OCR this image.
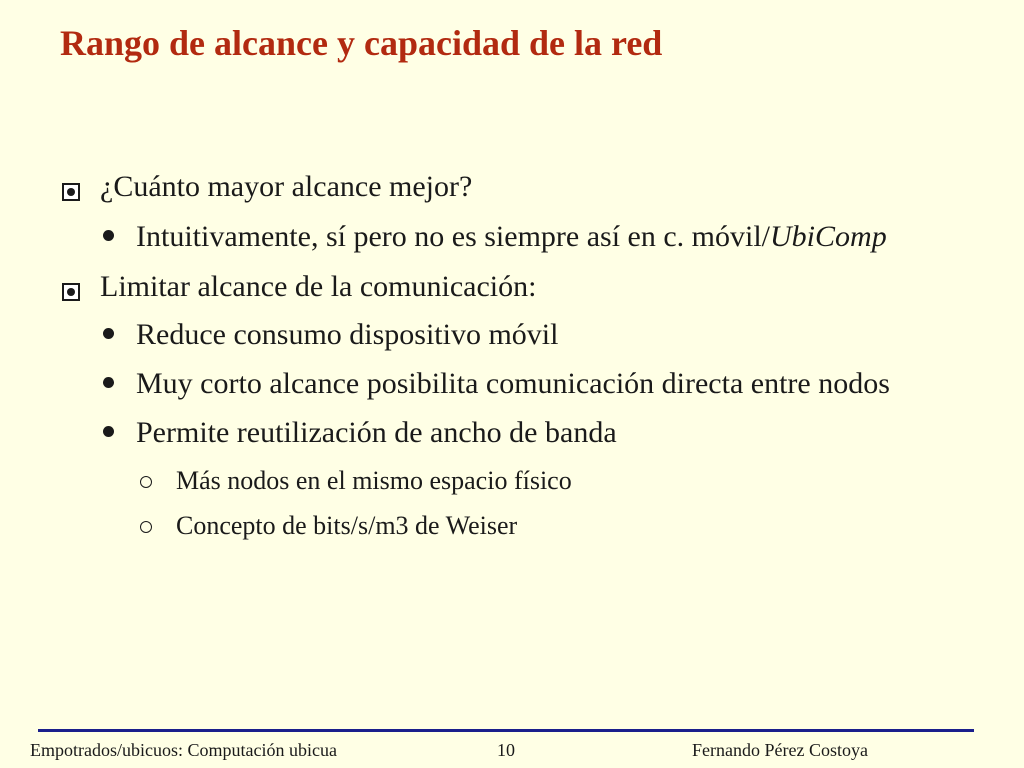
Rango de alcance y capacidad de la red
¿Cuánto mayor alcance mejor?
Intuitivamente, sí pero no es siempre así en c. móvil/UbiComp
Limitar alcance de la comunicación:
Reduce consumo dispositivo móvil
Muy corto alcance posibilita comunicación directa entre nodos
Permite reutilización de ancho de banda
Más nodos en el mismo espacio físico
Concepto de bits/s/m3 de Weiser
Empotrados/ubicuos: Computación ubicua	10	Fernando Pérez Costoya
